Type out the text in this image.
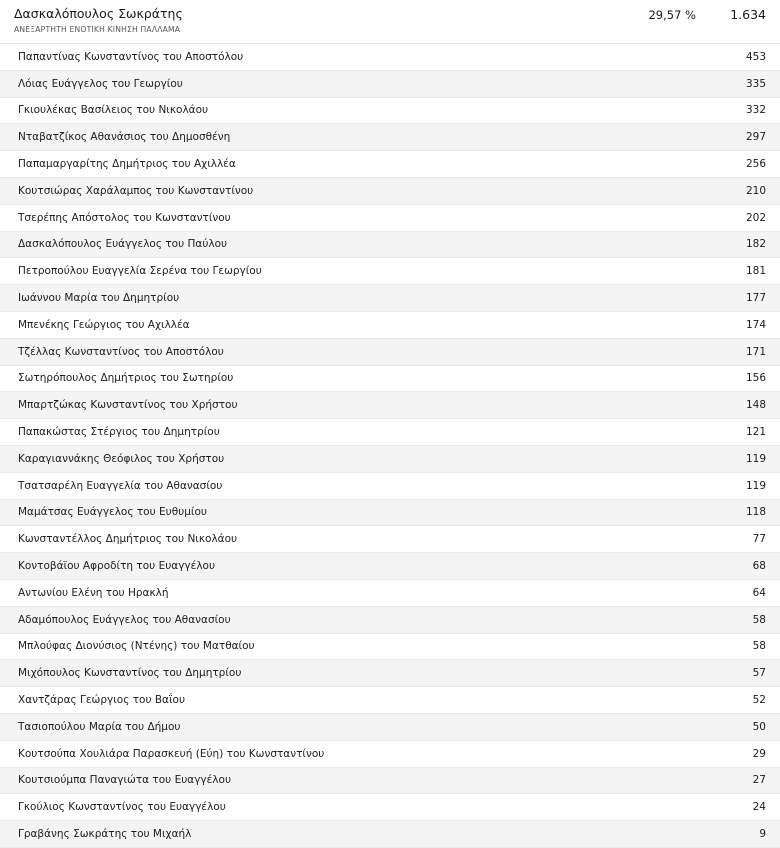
Δασκαλόπουλος Σωκράτης
ΑΝΕΞΑΡΤΗΤΗ ΕΝΟΤΙΚΗ ΚΙΝΗΣΗ ΠΑΛΛΑΜΑ
29,57 %	1.634
Παπαντίνας Κωνσταντίνος του Αποστόλου	453
Λόιας Ευάγγελος του Γεωργίου	335
Γκιουλέκας Βασίλειος του Νικολάου	332
Νταβατζίκος Αθανάσιος του Δημοσθένη	297
Παπαμαργαρίτης Δημήτριος του Αχιλλέα	256
Κουτσιώρας Χαράλαμπος του Κωνσταντίνου	210
Τσερέπης Απόστολος του Κωνσταντίνου	202
Δασκαλόπουλος Ευάγγελος του Παύλου	182
Πετροπούλου Ευαγγελία Σερένα του Γεωργίου	181
Ιωάννου Μαρία του Δημητρίου	177
Μπενέκης Γεώργιος του Αχιλλέα	174
Τζέλλας Κωνσταντίνος του Αποστόλου	171
Σωτηρόπουλος Δημήτριος του Σωτηρίου	156
Μπαρτζώκας Κωνσταντίνος του Χρήστου	148
Παπακώστας Στέργιος του Δημητρίου	121
Καραγιαννάκης Θεόφιλος του Χρήστου	119
Τσατσαρέλη Ευαγγελία του Αθανασίου	119
Μαμάτσας Ευάγγελος του Ευθυμίου	118
Κωνσταντέλλος Δημήτριος του Νικολάου	77
Κοντοβάϊου Αφροδίτη του Ευαγγέλου	68
Αντωνίου Ελένη του Ηρακλή	64
Αδαμόπουλος Ευάγγελος του Αθανασίου	58
Μπλούφας Διονύσιος (Ντένης) του Ματθαίου	58
Μιχόπουλος Κωνσταντίνος του Δημητρίου	57
Χαντζάρας Γεώργιος του Βαΐου	52
Τασιοπούλου Μαρία του Δήμου	50
Κουτσούπα Χουλιάρα Παρασκευή (Εύη) του Κωνσταντίνου	29
Κουτσιούμπα Παναγιώτα του Ευαγγέλου	27
Γκούλιος Κωνσταντίνος του Ευαγγέλου	24
Γραβάνης Σωκράτης του Μιχαήλ	9
